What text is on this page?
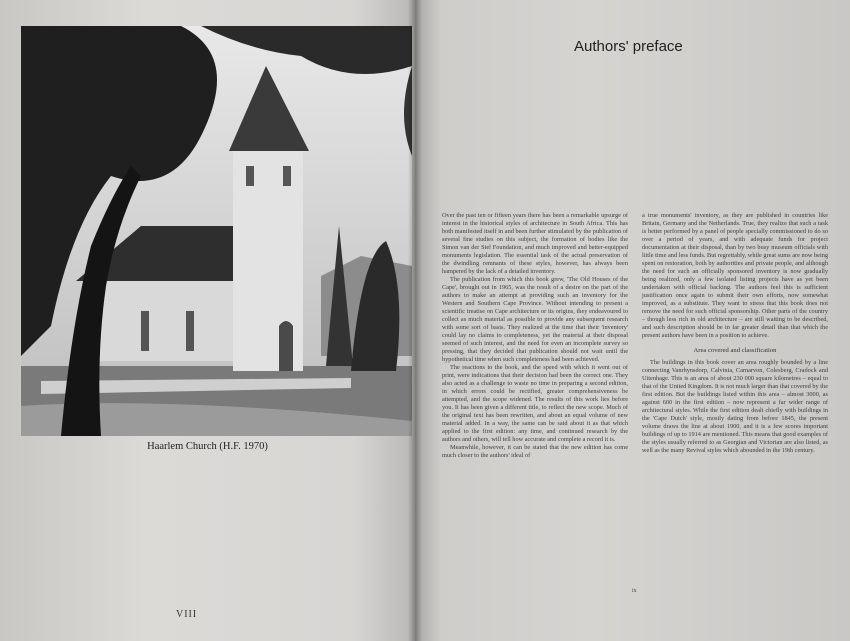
Haarlem Church (H.F. 1970)
VIII
Authors' preface

Over the past ten or fifteen years there has been a remarkable upsurge of interest in the historical styles of architecture in South Africa. This has both manifested itself in and been further stimulated by the publication of several fine studies on this subject, the formation of bodies like the Simon van der Stel Foundation, and much improved and better-equipped monuments legislation. The essential task of the actual preservation of the dwindling remnants of these styles, however, has always been hampered by the lack of a detailed inventory.

The publication from which this book grew, 'The Old Houses of the Cape', brought out in 1965, was the result of a desire on the part of the authors to make an attempt at providing such an inventory for the Western and Southern Cape Province. Without intending to present a scientific treatise on Cape architecture or its origins, they endeavoured to collect as much material as possible to provide any subsequent research with some sort of basis. They realized at the time that their 'inventory' could lay no claims to completeness, yet the material at their disposal seemed of such interest, and the need for even an incomplete survey so pressing, that they decided that publication should not wait until the hypothetical time when such completeness had been achieved.

The reactions to the book, and the speed with which it went out of print, were indications that their decision had been the correct one. They also acted as a challenge to waste no time in preparing a second edition, in which errors could be rectified, greater comprehensiveness be attempted, and the scope widened. The results of this work lies before you. It has been given a different title, to reflect the new scope. Much of the original text has been rewritten, and about an equal volume of new material added. In a way, the same can be said about it as that which applied to the first edition: any time, and continued research by the authors and others, will tell how accurate and complete a record it is.

Meanwhile, however, it can be stated that the new edition has come much closer to the authors' ideal of

a true monuments' inventory, as they are published in countries like Britain, Germany and the Netherlands. True, they realize that such a task is better performed by a panel of people specially commissioned to do so over a period of years, and with adequate funds for project documentation at their disposal, than by two busy museum officials with little time and less funds. But regrettably, while great sums are now being spent on restoration, both by authorities and private people, and although the need for such an officially sponsored inventory is now gradually being realized, only a few isolated listing projects have as yet been undertaken with official backing. The authors feel this is sufficient justification once again to submit their own efforts, now somewhat improved, as a substitute. They want to stress that this book does not remove the need for such official sponsorship. Other parts of the country – though less rich in old architecture – are still waiting to be described, and such description should be in far greater detail than that which the present authors have been in a position to achieve.

Area covered and classification

The buildings in this book cover an area roughly bounded by a line connecting Vanrhynsdorp, Calvinia, Carnarvon, Colesberg, Cradock and Uitenhage. This is an area of about 230 000 square kilometres – equal to that of the United Kingdom. It is not much larger than that covered by the first edition. But the buildings listed within this area – almost 3000, as against 600 in the first edition – now represent a far wider range of architectural styles. While the first edition dealt chiefly with buildings in the 'Cape Dutch' style, mostly dating from before 1845, the present volume draws the line at about 1900, and it is a few scores important buildings of up to 1914 are mentioned. This means that good examples of the styles usually referred to as Georgian and Victorian are also listed, as well as the many Revival styles which abounded in the 19th century.

ix
